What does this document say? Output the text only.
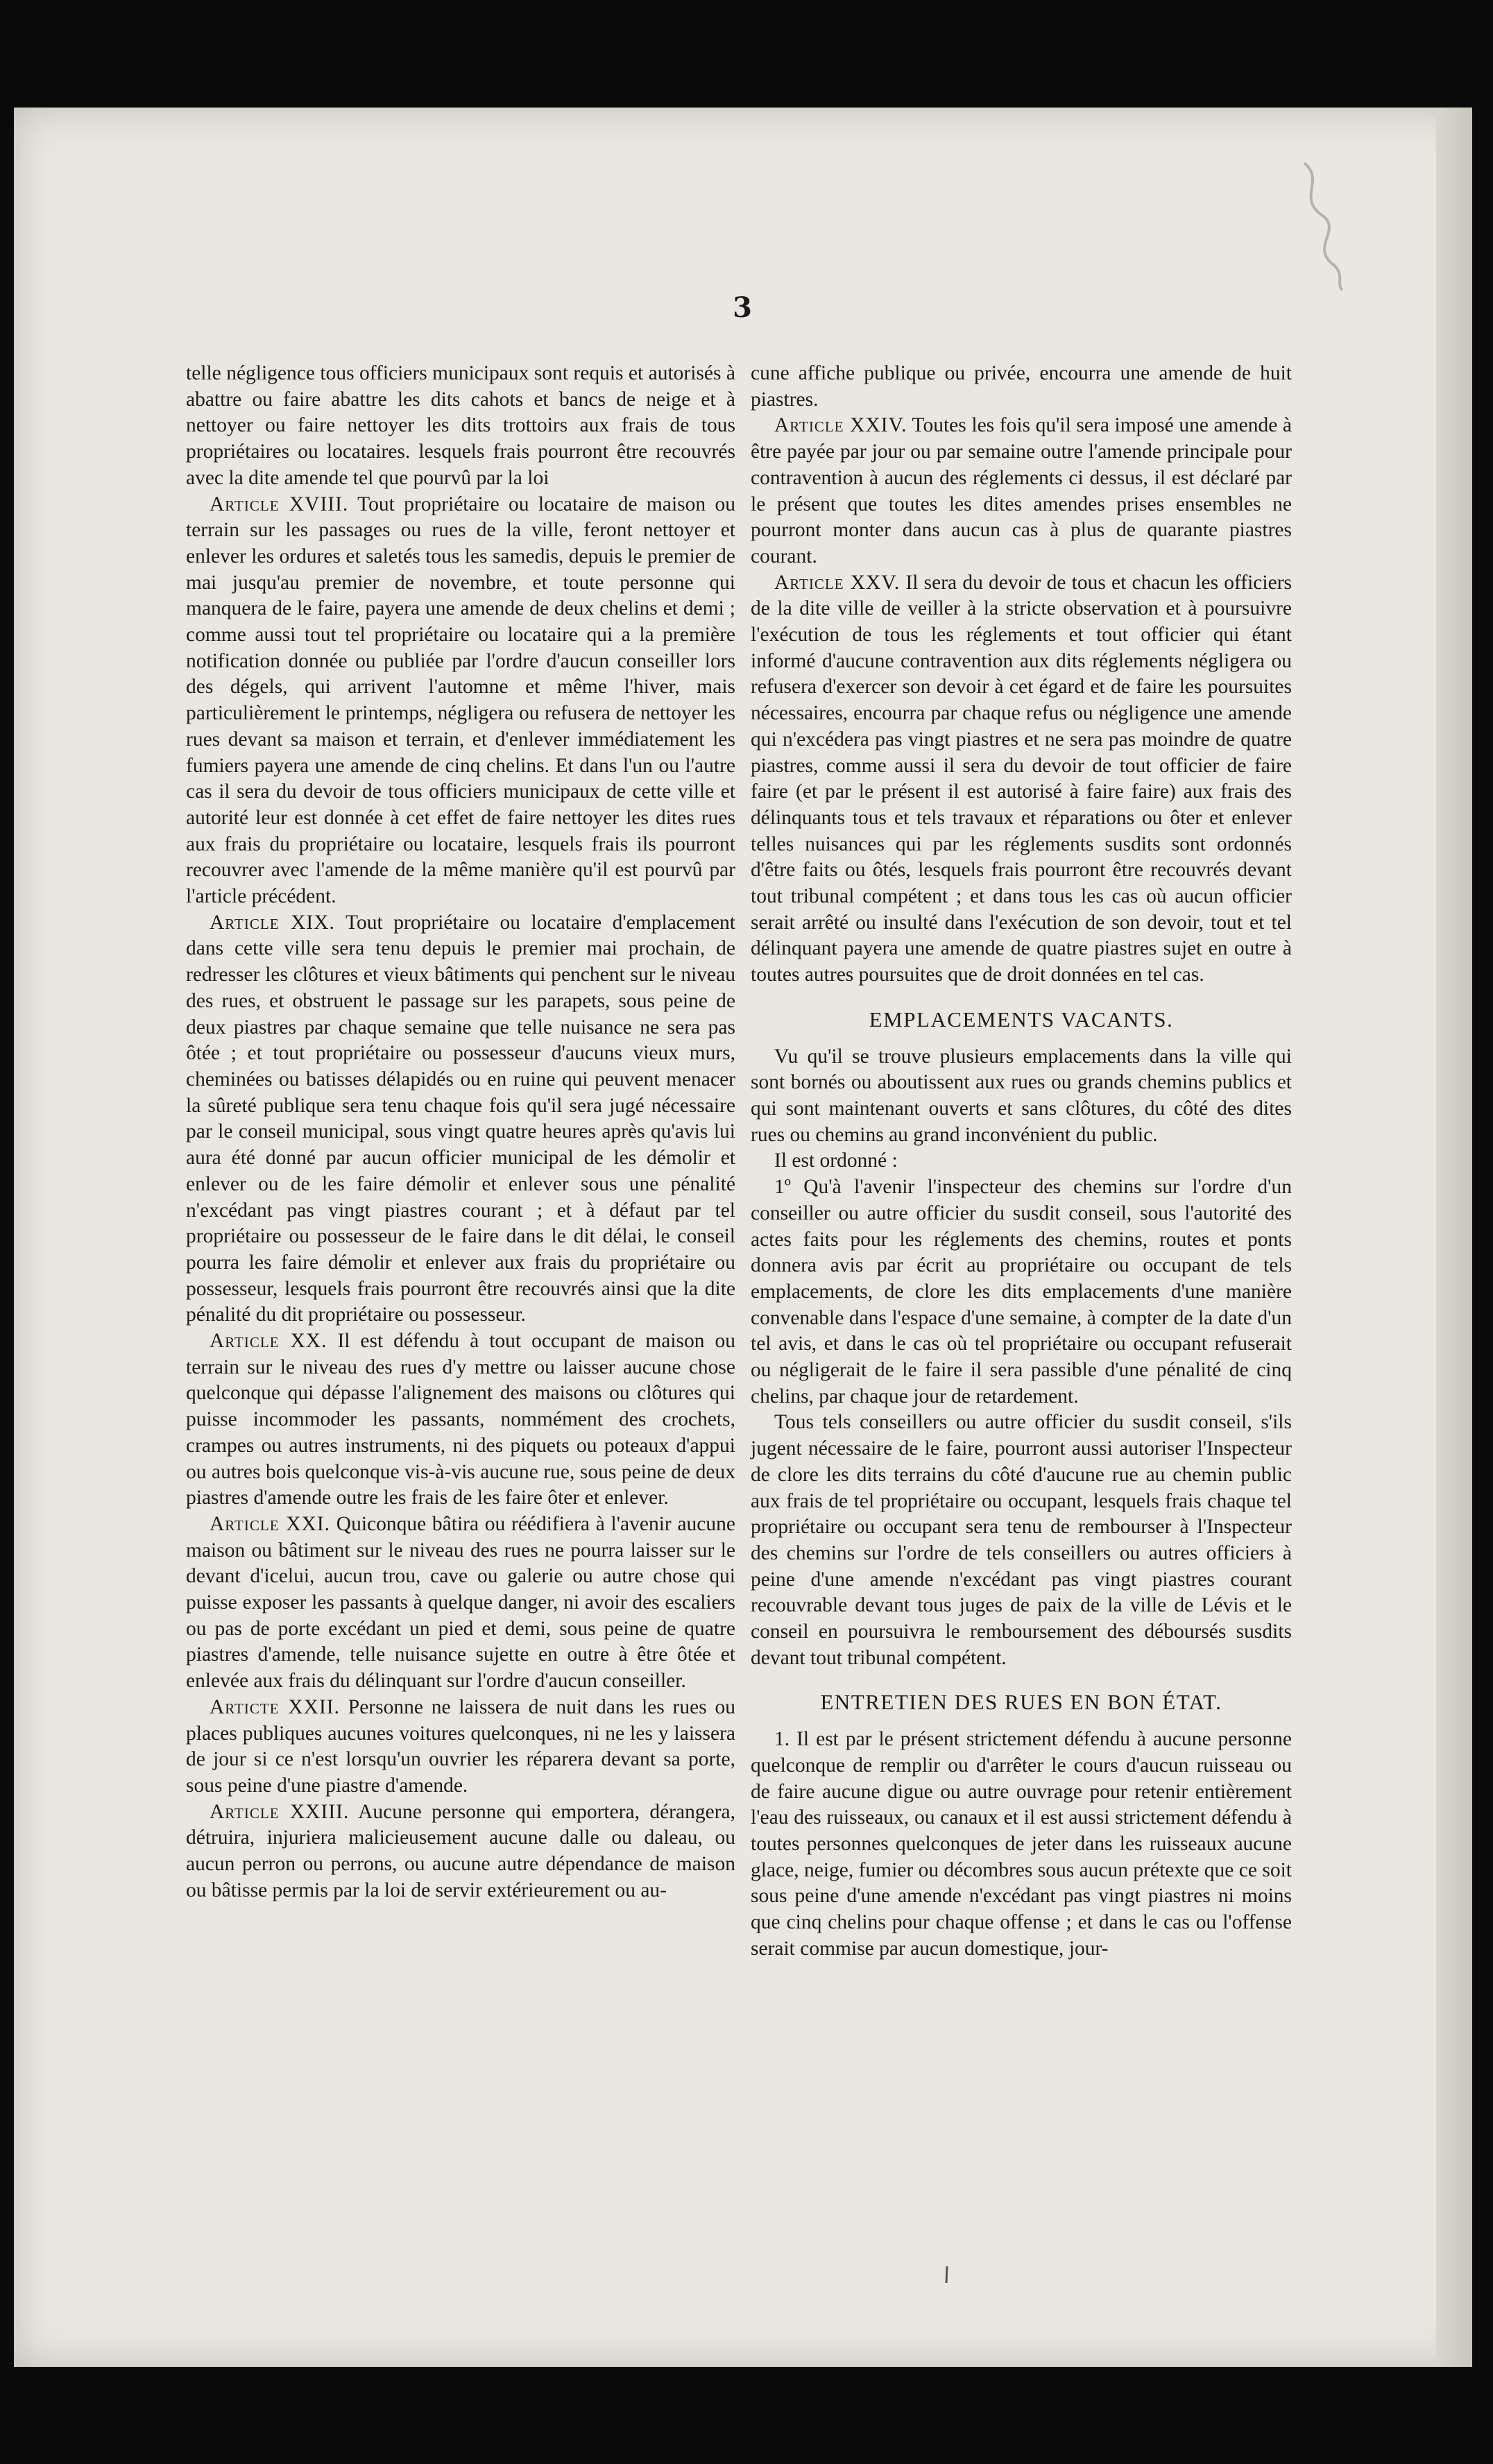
3

telle négligence tous officiers municipaux sont requis et autorisés à abattre ou faire abattre les dits cahots et bancs de neige et à nettoyer ou faire nettoyer les dits trottoirs aux frais de tous propriétaires ou locataires. lesquels frais pourront être recouvrés avec la dite amende tel que pourvû par la loi

Article XVIII. Tout propriétaire ou locataire de maison ou terrain sur les passages ou rues de la ville, feront nettoyer et enlever les ordures et saletés tous les samedis, depuis le premier de mai jusqu'au premier de novembre, et toute personne qui manquera de le faire, payera une amende de deux chelins et demi ; comme aussi tout tel propriétaire ou locataire qui a la première notification donnée ou publiée par l'ordre d'aucun conseiller lors des dégels, qui arrivent l'automne et même l'hiver, mais particulièrement le printemps, négligera ou refusera de nettoyer les rues devant sa maison et terrain, et d'enlever immédiatement les fumiers payera une amende de cinq chelins. Et dans l'un ou l'autre cas il sera du devoir de tous officiers municipaux de cette ville et autorité leur est donnée à cet effet de faire nettoyer les dites rues aux frais du propriétaire ou locataire, lesquels frais ils pourront recouvrer avec l'amende de la même manière qu'il est pourvû par l'article précédent.

Article XIX. Tout propriétaire ou locataire d'emplacement dans cette ville sera tenu depuis le premier mai prochain, de redresser les clôtures et vieux bâtiments qui penchent sur le niveau des rues, et obstruent le passage sur les parapets, sous peine de deux piastres par chaque semaine que telle nuisance ne sera pas ôtée ; et tout propriétaire ou possesseur d'aucuns vieux murs, cheminées ou batisses délapidés ou en ruine qui peuvent menacer la sûreté publique sera tenu chaque fois qu'il sera jugé nécessaire par le conseil municipal, sous vingt quatre heures après qu'avis lui aura été donné par aucun officier municipal de les démolir et enlever ou de les faire démolir et enlever sous une pénalité n'excédant pas vingt piastres courant ; et à défaut par tel propriétaire ou possesseur de le faire dans le dit délai, le conseil pourra les faire démolir et enlever aux frais du propriétaire ou possesseur, lesquels frais pourront être recouvrés ainsi que la dite pénalité du dit propriétaire ou possesseur.

Article XX. Il est défendu à tout occupant de maison ou terrain sur le niveau des rues d'y mettre ou laisser aucune chose quelconque qui dépasse l'alignement des maisons ou clôtures qui puisse incommoder les passants, nommément des crochets, crampes ou autres instruments, ni des piquets ou poteaux d'appui ou autres bois quelconque vis-à-vis aucune rue, sous peine de deux piastres d'amende outre les frais de les faire ôter et enlever.

Article XXI. Quiconque bâtira ou réédifiera à l'avenir aucune maison ou bâtiment sur le niveau des rues ne pourra laisser sur le devant d'icelui, aucun trou, cave ou galerie ou autre chose qui puisse exposer les passants à quelque danger, ni avoir des escaliers ou pas de porte excédant un pied et demi, sous peine de quatre piastres d'amende, telle nuisance sujette en outre à être ôtée et enlevée aux frais du délinquant sur l'ordre d'aucun conseiller.

Artictе XXII. Personne ne laissera de nuit dans les rues ou places publiques aucunes voitures quelconques, ni ne les y laissera de jour si ce n'est lorsqu'un ouvrier les réparera devant sa porte, sous peine d'une piastre d'amende.

Article XXIII. Aucune personne qui emportera, dérangera, détruira, injuriera malicieusement aucune dalle ou daleau, ou aucun perron ou perrons, ou aucune autre dépendance de maison ou bâtisse permis par la loi de servir extérieurement ou au-

cune affiche publique ou privée, encourra une amende de huit piastres.

Article XXIV. Toutes les fois qu'il sera imposé une amende à être payée par jour ou par semaine outre l'amende principale pour contravention à aucun des réglements ci dessus, il est déclaré par le présent que toutes les dites amendes prises ensembles ne pourront monter dans aucun cas à plus de quarante piastres courant.

Article XXV. Il sera du devoir de tous et chacun les officiers de la dite ville de veiller à la stricte observation et à poursuivre l'exécution de tous les réglements et tout officier qui étant informé d'aucune contravention aux dits réglements négligera ou refusera d'exercer son devoir à cet égard et de faire les poursuites nécessaires, encourra par chaque refus ou négligence une amende qui n'excédera pas vingt piastres et ne sera pas moindre de quatre piastres, comme aussi il sera du devoir de tout officier de faire faire (et par le présent il est autorisé à faire faire) aux frais des délinquants tous et tels travaux et réparations ou ôter et enlever telles nuisances qui par les réglements susdits sont ordonnés d'être faits ou ôtés, lesquels frais pourront être recouvrés devant tout tribunal compétent ; et dans tous les cas où aucun officier serait arrêté ou insulté dans l'exécution de son devoir, tout et tel délinquant payera une amende de quatre piastres sujet en outre à toutes autres poursuites que de droit données en tel cas.

EMPLACEMENTS VACANTS.

Vu qu'il se trouve plusieurs emplacements dans la ville qui sont bornés ou aboutissent aux rues ou grands chemins publics et qui sont maintenant ouverts et sans clôtures, du côté des dites rues ou chemins au grand inconvénient du public.

Il est ordonné :

1º Qu'à l'avenir l'inspecteur des chemins sur l'ordre d'un conseiller ou autre officier du susdit conseil, sous l'autorité des actes faits pour les réglements des chemins, routes et ponts donnera avis par écrit au propriétaire ou occupant de tels emplacements, de clore les dits emplacements d'une manière convenable dans l'espace d'une semaine, à compter de la date d'un tel avis, et dans le cas où tel propriétaire ou occupant refuserait ou négligerait de le faire il sera passible d'une pénalité de cinq chelins, par chaque jour de retardement.

Tous tels conseillers ou autre officier du susdit conseil, s'ils jugent nécessaire de le faire, pourront aussi autoriser l'Inspecteur de clore les dits terrains du côté d'aucune rue au chemin public aux frais de tel propriétaire ou occupant, lesquels frais chaque tel propriétaire ou occupant sera tenu de rembourser à l'Inspecteur des chemins sur l'ordre de tels conseillers ou autres officiers à peine d'une amende n'excédant pas vingt piastres courant recouvrable devant tous juges de paix de la ville de Lévis et le conseil en poursuivra le remboursement des déboursés susdits devant tout tribunal compétent.

ENTRETIEN DES RUES EN BON ÉTAT.

1. Il est par le présent strictement défendu à aucune personne quelconque de remplir ou d'arrêter le cours d'aucun ruisseau ou de faire aucune digue ou autre ouvrage pour retenir entièrement l'eau des ruisseaux, ou canaux et il est aussi strictement défendu à toutes personnes quelconques de jeter dans les ruisseaux aucune glace, neige, fumier ou décombres sous aucun prétexte que ce soit sous peine d'une amende n'excédant pas vingt piastres ni moins que cinq chelins pour chaque offense ; et dans le cas ou l'offense serait commise par aucun domestique, jour-
